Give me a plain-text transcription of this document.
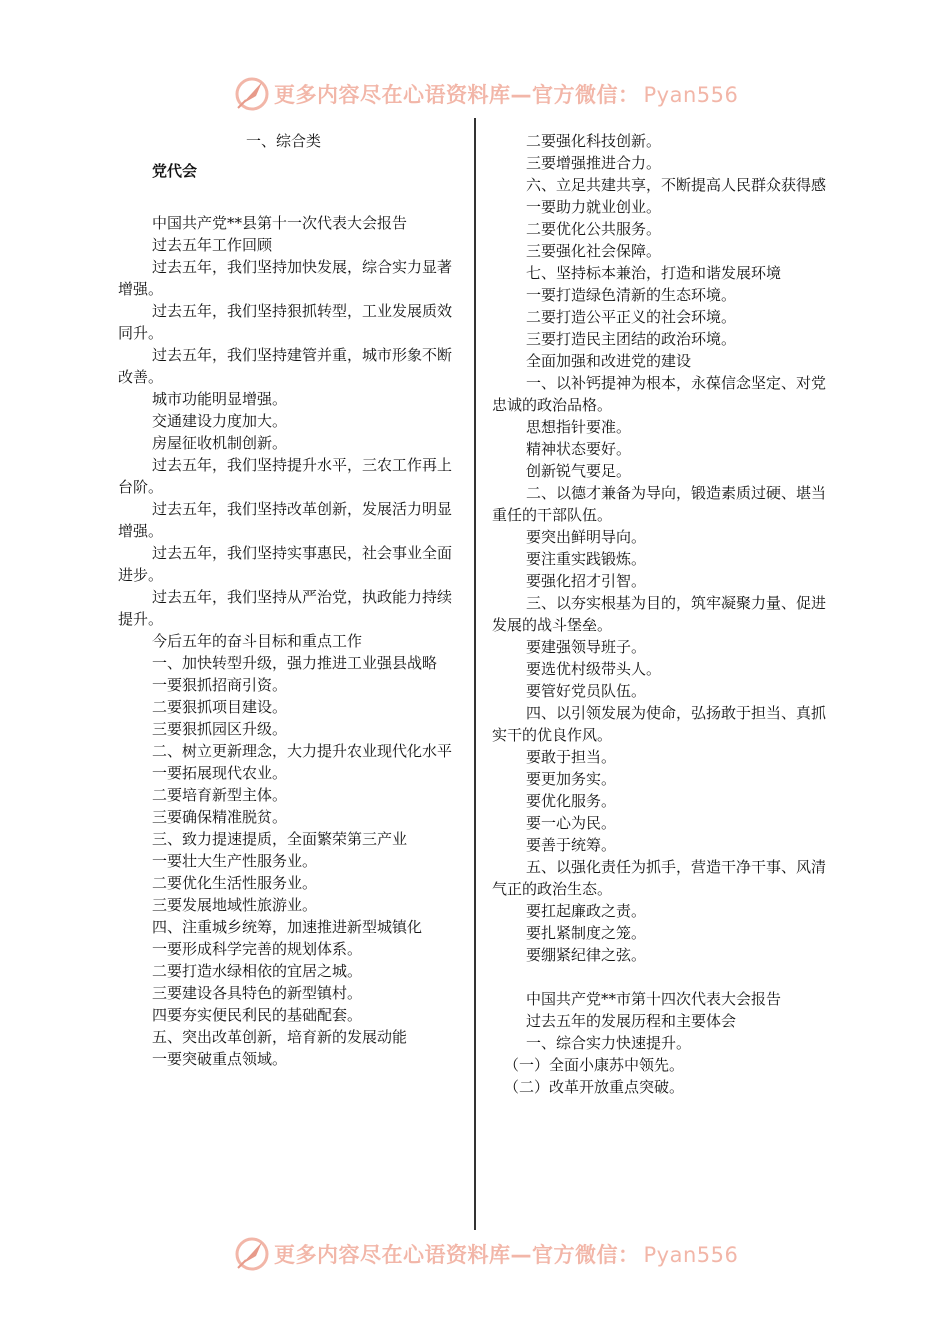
更多内容尽在心语资料库—官方微信： Pyan556

一、综合类

党代会

中国共产党**县第十一次代表大会报告

过去五年工作回顾

过去五年，我们坚持加快发展，综合实力显著增强。

过去五年，我们坚持狠抓转型，工业发展质效同升。

过去五年，我们坚持建管并重，城市形象不断改善。

城市功能明显增强。

交通建设力度加大。

房屋征收机制创新。

过去五年，我们坚持提升水平，三农工作再上台阶。

过去五年，我们坚持改革创新，发展活力明显增强。

过去五年，我们坚持实事惠民，社会事业全面进步。

过去五年，我们坚持从严治党，执政能力持续提升。

今后五年的奋斗目标和重点工作

一、加快转型升级，强力推进工业强县战略

一要狠抓招商引资。

二要狠抓项目建设。

三要狠抓园区升级。

二、树立更新理念，大力提升农业现代化水平

一要拓展现代农业。

二要培育新型主体。

三要确保精准脱贫。

三、致力提速提质，全面繁荣第三产业

一要壮大生产性服务业。

二要优化生活性服务业。

三要发展地域性旅游业。

四、注重城乡统筹，加速推进新型城镇化

一要形成科学完善的规划体系。

二要打造水绿相依的宜居之城。

三要建设各具特色的新型镇村。

四要夯实便民利民的基础配套。

五、突出改革创新，培育新的发展动能

一要突破重点领域。

二要强化科技创新。

三要增强推进合力。

六、立足共建共享，不断提高人民群众获得感

一要助力就业创业。

二要优化公共服务。

三要强化社会保障。

七、坚持标本兼治，打造和谐发展环境

一要打造绿色清新的生态环境。

二要打造公平正义的社会环境。

三要打造民主团结的政治环境。

全面加强和改进党的建设

一、以补钙提神为根本，永葆信念坚定、对党忠诚的政治品格。

思想指针要准。

精神状态要好。

创新锐气要足。

二、以德才兼备为导向，锻造素质过硬、堪当重任的干部队伍。

要突出鲜明导向。

要注重实践锻炼。

要强化招才引智。

三、以夯实根基为目的，筑牢凝聚力量、促进发展的战斗堡垒。

要建强领导班子。

要选优村级带头人。

要管好党员队伍。

四、以引领发展为使命，弘扬敢于担当、真抓实干的优良作风。

要敢于担当。

要更加务实。

要优化服务。

要一心为民。

要善于统筹。

五、以强化责任为抓手，营造干净干事、风清气正的政治生态。

要扛起廉政之责。

要扎紧制度之笼。

要绷紧纪律之弦。

中国共产党**市第十四次代表大会报告

过去五年的发展历程和主要体会

一、综合实力快速提升。

（一）全面小康苏中领先。

（二）改革开放重点突破。

更多内容尽在心语资料库—官方微信： Pyan556
